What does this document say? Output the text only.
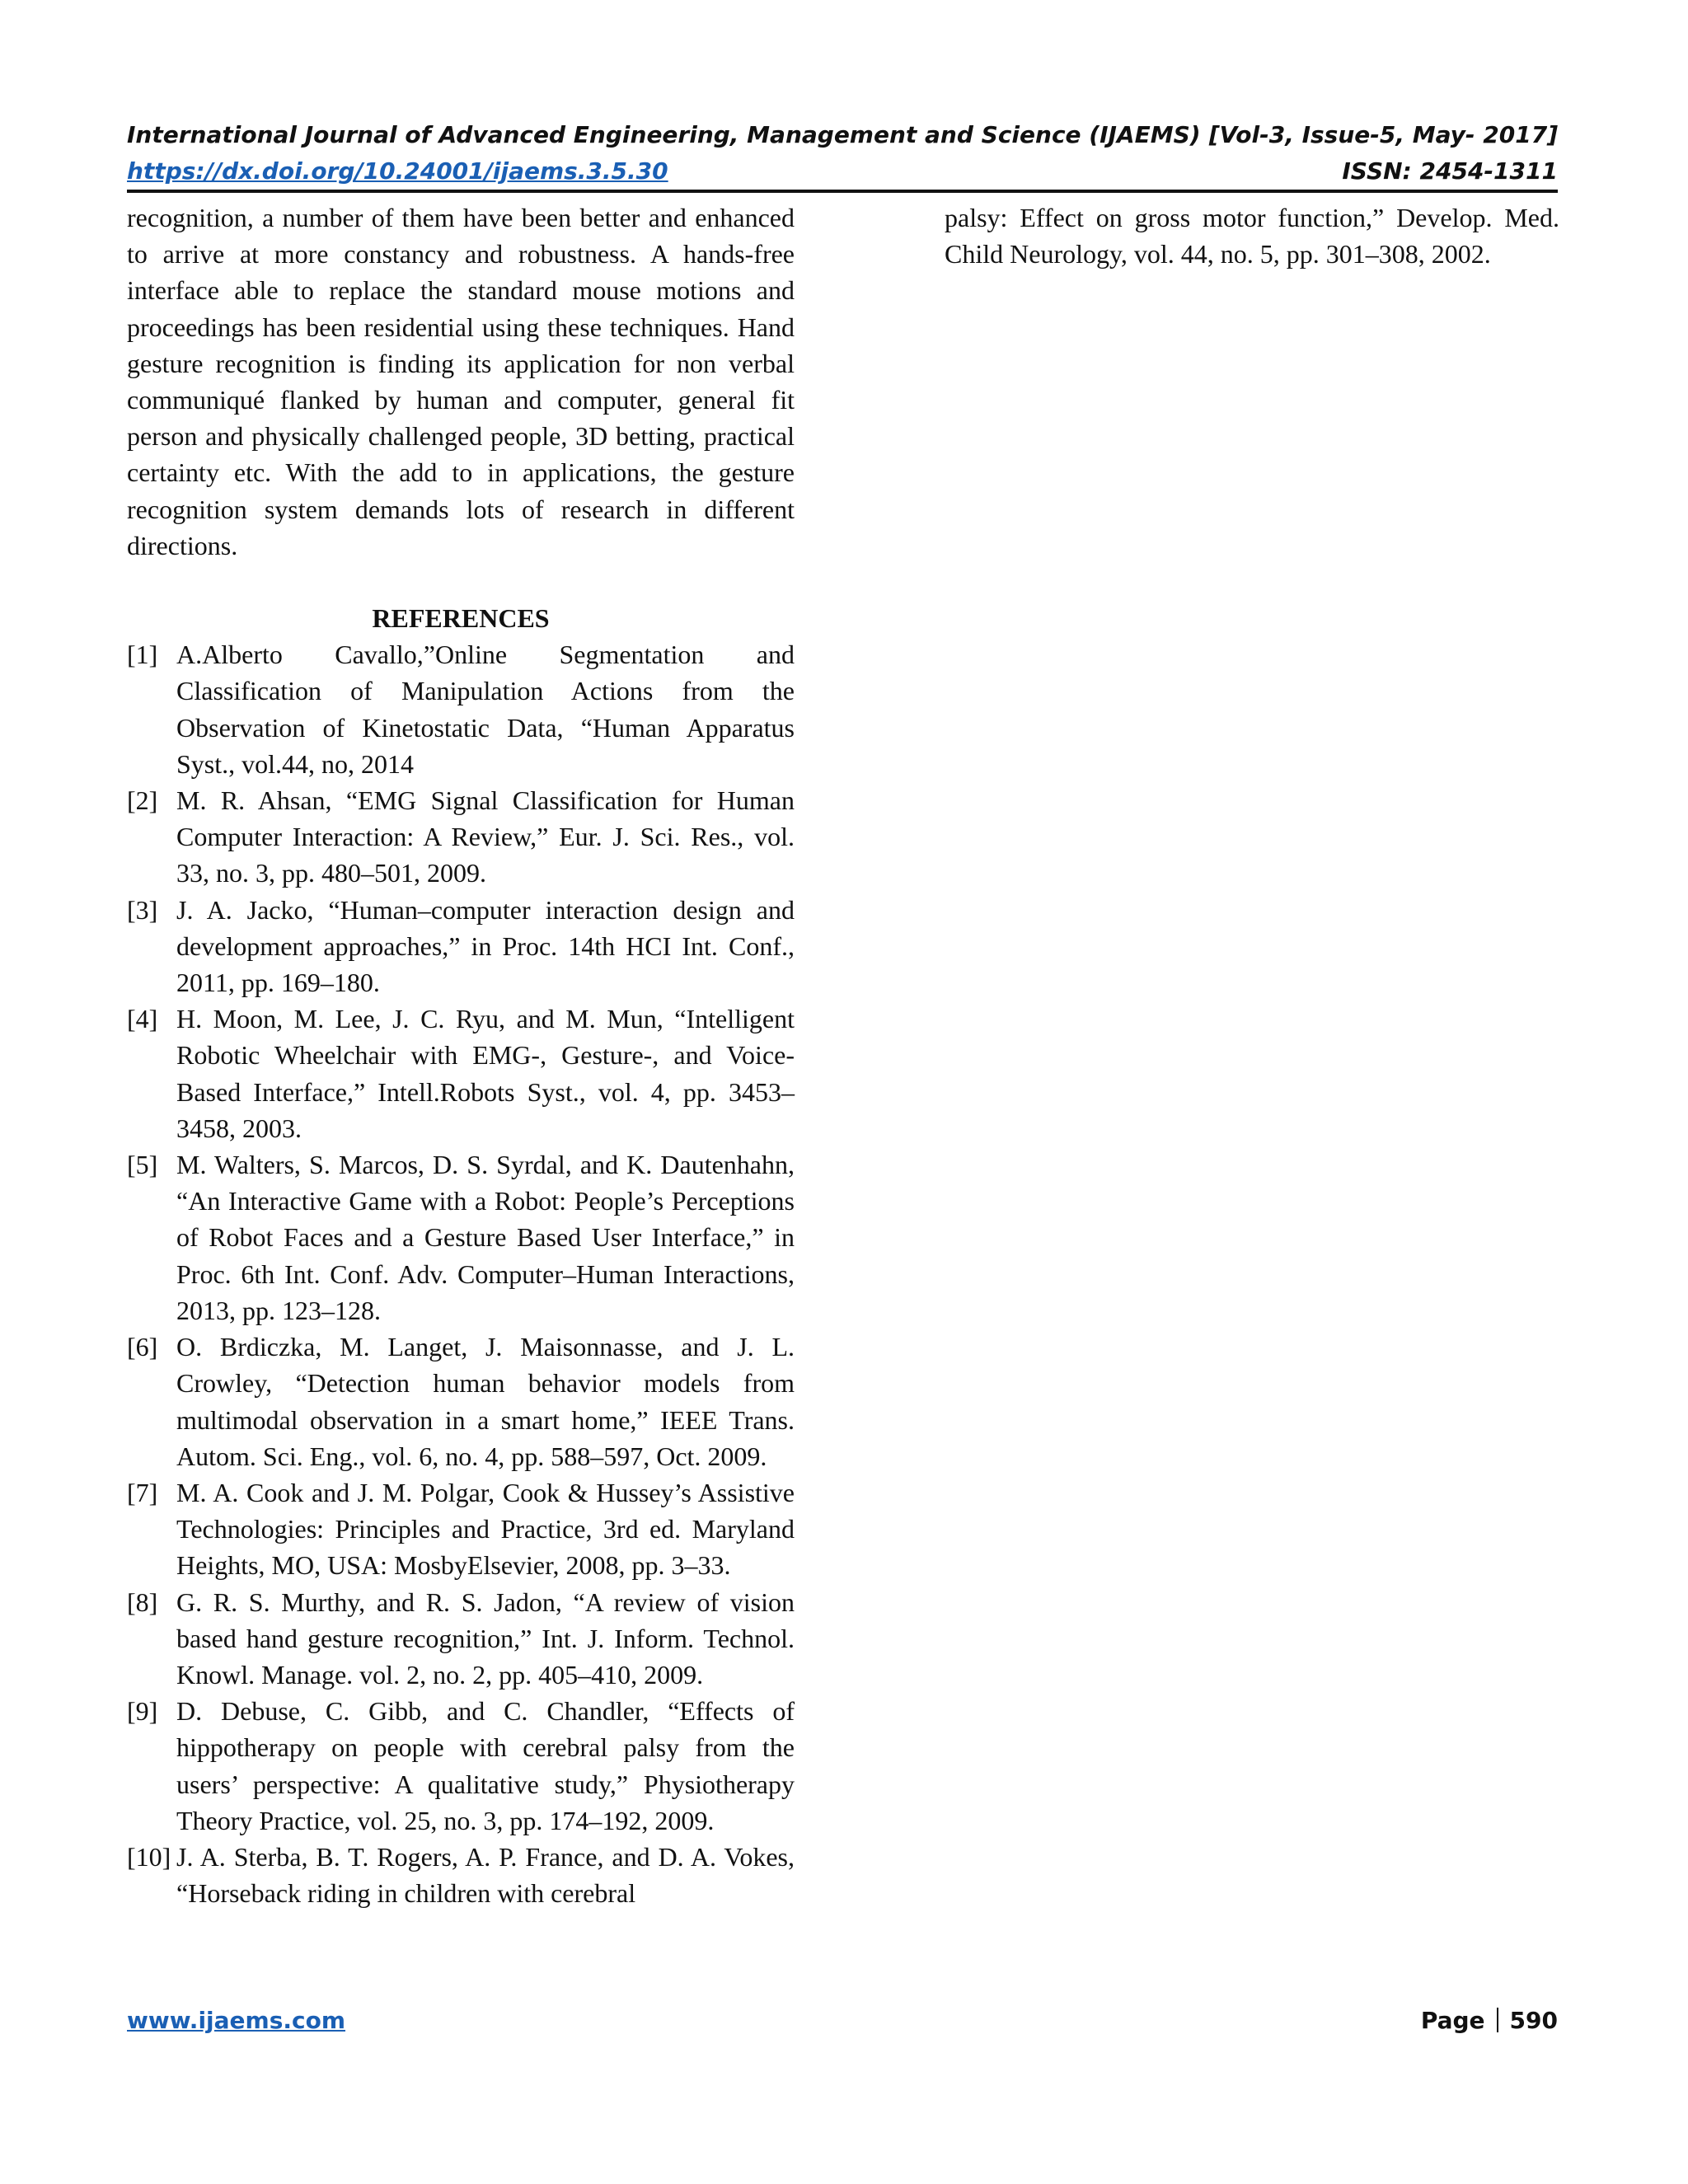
International Journal of Advanced Engineering, Management and Science (IJAEMS) [Vol-3, Issue-5, May- 2017]
https://dx.doi.org/10.24001/ijaems.3.5.30	ISSN: 2454-1311

recognition, a number of them have been better and enhanced to arrive at more constancy and robustness. A hands-free interface able to replace the standard mouse motions and proceedings has been residential using these techniques. Hand gesture recognition is finding its application for non verbal communiqué flanked by human and computer, general fit person and physically challenged people, 3D betting, practical certainty etc. With the add to in applications, the gesture recognition system demands lots of research in different directions.

REFERENCES
[1] A.Alberto Cavallo,”Online Segmentation and Classification of Manipulation Actions from the Observation of Kinetostatic Data, “Human Apparatus Syst., vol.44, no, 2014
[2] M. R. Ahsan, “EMG Signal Classification for Human Computer Interaction: A Review,” Eur. J. Sci. Res., vol. 33, no. 3, pp. 480–501, 2009.
[3] J. A. Jacko, “Human–computer interaction design and development approaches,” in Proc. 14th HCI Int. Conf., 2011, pp. 169–180.
[4] H. Moon, M. Lee, J. C. Ryu, and M. Mun, “Intelligent Robotic Wheelchair with EMG-, Gesture-, and Voice-Based Interface,” Intell.Robots Syst., vol. 4, pp. 3453–3458, 2003.
[5] M. Walters, S. Marcos, D. S. Syrdal, and K. Dautenhahn, “An Interactive Game with a Robot: People’s Perceptions of Robot Faces and a Gesture Based User Interface,” in Proc. 6th Int. Conf. Adv. Computer–Human Interactions, 2013, pp. 123–128.
[6] O. Brdiczka, M. Langet, J. Maisonnasse, and J. L. Crowley, “Detection human behavior models from multimodal observation in a smart home,” IEEE Trans. Autom. Sci. Eng., vol. 6, no. 4, pp. 588–597, Oct. 2009.
[7] M. A. Cook and J. M. Polgar, Cook & Hussey’s Assistive Technologies: Principles and Practice, 3rd ed. Maryland Heights, MO, USA: MosbyElsevier, 2008, pp. 3–33.
[8] G. R. S. Murthy, and R. S. Jadon, “A review of vision based hand gesture recognition,” Int. J. Inform. Technol. Knowl. Manage. vol. 2, no. 2, pp. 405–410, 2009.
[9] D. Debuse, C. Gibb, and C. Chandler, “Effects of hippotherapy on people with cerebral palsy from the users’ perspective: A qualitative study,” Physiotherapy Theory Practice, vol. 25, no. 3, pp. 174–192, 2009.
[10] J. A. Sterba, B. T. Rogers, A. P. France, and D. A. Vokes, “Horseback riding in children with cerebral

palsy: Effect on gross motor function,” Develop. Med. Child Neurology, vol. 44, no. 5, pp. 301–308, 2002.

www.ijaems.com	Page 590
